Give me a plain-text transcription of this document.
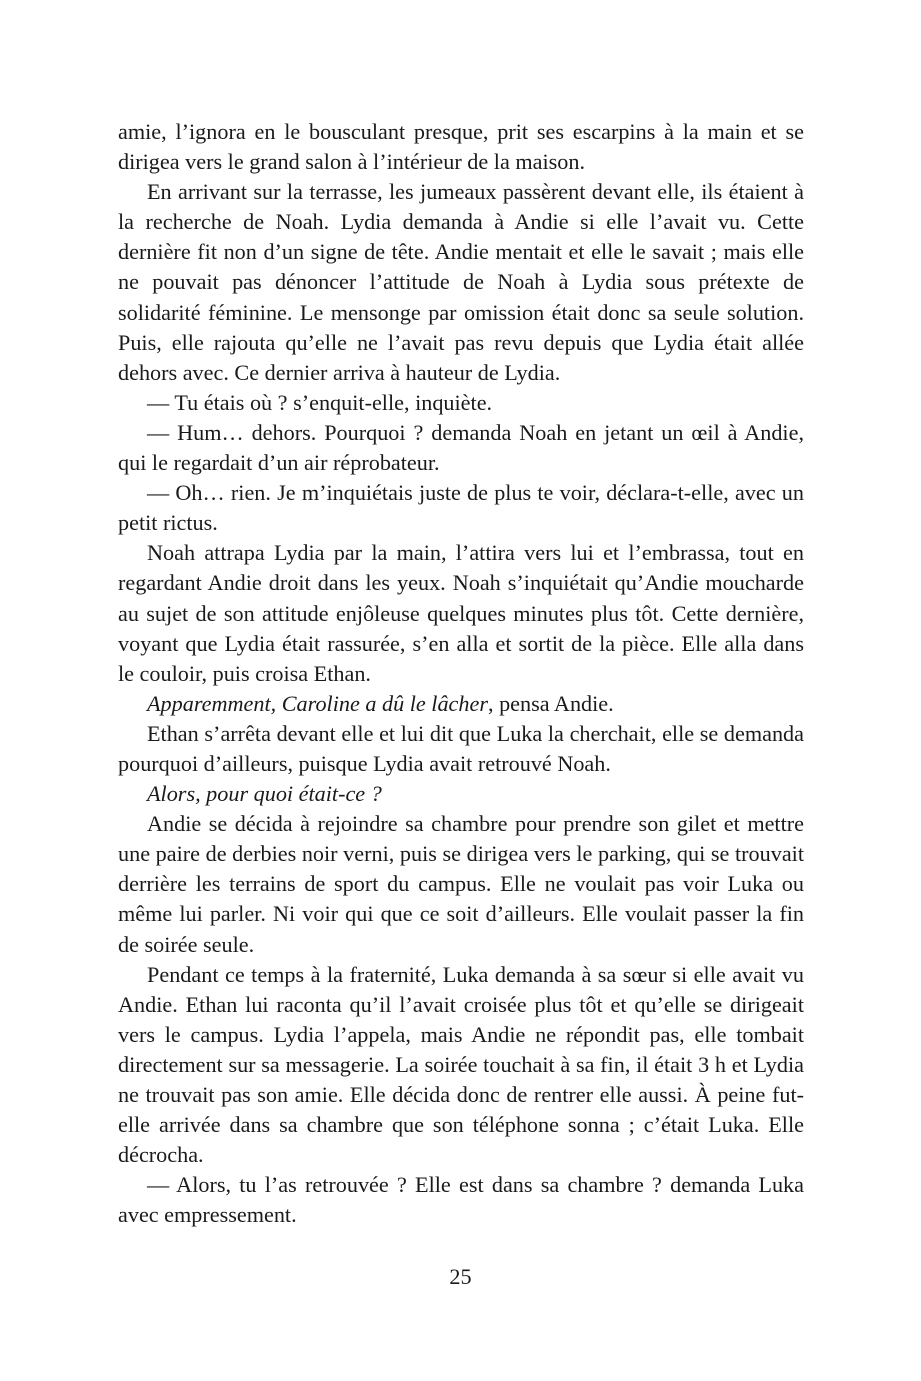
amie, l’ignora en le bousculant presque, prit ses escarpins à la main et se dirigea vers le grand salon à l’intérieur de la maison.

En arrivant sur la terrasse, les jumeaux passèrent devant elle, ils étaient à la recherche de Noah. Lydia demanda à Andie si elle l’avait vu. Cette dernière fit non d’un signe de tête. Andie mentait et elle le savait ; mais elle ne pouvait pas dénoncer l’attitude de Noah à Lydia sous prétexte de solidarité féminine. Le mensonge par omission était donc sa seule solution. Puis, elle rajouta qu’elle ne l’avait pas revu depuis que Lydia était allée dehors avec. Ce dernier arriva à hauteur de Lydia.

— Tu étais où ? s’enquit-elle, inquiète.

— Hum… dehors. Pourquoi ? demanda Noah en jetant un œil à Andie, qui le regardait d’un air réprobateur.

— Oh… rien. Je m’inquiétais juste de plus te voir, déclara-t-elle, avec un petit rictus.

Noah attrapa Lydia par la main, l’attira vers lui et l’embrassa, tout en regardant Andie droit dans les yeux. Noah s’inquiétait qu’Andie moucharde au sujet de son attitude enjôleuse quelques minutes plus tôt. Cette dernière, voyant que Lydia était rassurée, s’en alla et sortit de la pièce. Elle alla dans le couloir, puis croisa Ethan.

Apparemment, Caroline a dû le lâcher, pensa Andie.

Ethan s’arrêta devant elle et lui dit que Luka la cherchait, elle se demanda pourquoi d’ailleurs, puisque Lydia avait retrouvé Noah.

Alors, pour quoi était-ce ?

Andie se décida à rejoindre sa chambre pour prendre son gilet et mettre une paire de derbies noir verni, puis se dirigea vers le parking, qui se trouvait derrière les terrains de sport du campus. Elle ne voulait pas voir Luka ou même lui parler. Ni voir qui que ce soit d’ailleurs. Elle voulait passer la fin de soirée seule.

Pendant ce temps à la fraternité, Luka demanda à sa sœur si elle avait vu Andie. Ethan lui raconta qu’il l’avait croisée plus tôt et qu’elle se dirigeait vers le campus. Lydia l’appela, mais Andie ne répondit pas, elle tombait directement sur sa messagerie. La soirée touchait à sa fin, il était 3 h et Lydia ne trouvait pas son amie. Elle décida donc de rentrer elle aussi. À peine fut-elle arrivée dans sa chambre que son téléphone sonna ; c’était Luka. Elle décrocha.

— Alors, tu l’as retrouvée ? Elle est dans sa chambre ? demanda Luka avec empressement.

25
